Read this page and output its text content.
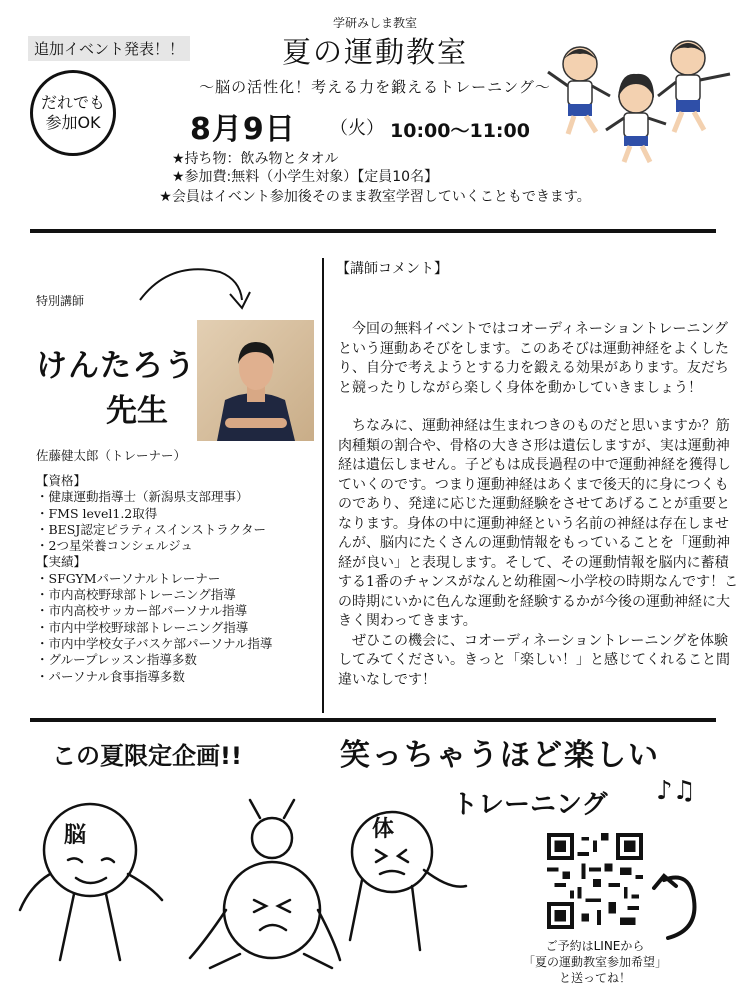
学研みしま教室
追加イベント発表！！	夏の運動教室
〜脳の活性化！考える力を鍛えるトレーニング〜
だれでも
参加OK	8月9日 （火） 10:00〜11:00
★持ち物：飲み物とタオル
★参加費:無料（小学生対象）【定員10名】
★会員はイベント参加後そのまま教室学習していくこともできます。
特別講師
けんたろう
先生
佐藤健太郎（トレーナー）
【資格】
・健康運動指導士（新潟県支部理事）
・FMS level1.2取得
・BESJ認定ピラティスインストラクター
・2つ星栄養コンシェルジュ
【実績】
・SFGYMパーソナルトレーナー
・市内高校野球部トレーニング指導
・市内高校サッカー部パーソナル指導
・市内中学校野球部トレーニング指導
・市内中学校女子バスケ部パーソナル指導
・グループレッスン指導多数
・パーソナル食事指導多数
【講師コメント】

今回の無料イベントではコオーディネーショントレーニングという運動あそびをします。このあそびは運動神経をよくしたり、自分で考えようとする力を鍛える効果があります。友だちと競ったりしながら楽しく身体を動かしていきましょう！

ちなみに、運動神経は生まれつきのものだと思いますか？筋肉種類の割合や、骨格の大きさ形は遺伝しますが、実は運動神経は遺伝しません。子どもは成長過程の中で運動神経を獲得していくのです。つまり運動神経はあくまで後天的に身につくものであり、発達に応じた運動経験をさせてあげることが重要となります。身体の中に運動神経という名前の神経は存在しませんが、脳内にたくさんの運動情報をもっていることを「運動神経が良い」と表現します。そして、その運動情報を脳内に蓄積する1番のチャンスがなんと幼稚園〜小学校の時期なんです！この時期にいかに色んな運動を経験するかが今後の運動神経に大きく関わってきます。

ぜひこの機会に、コオーディネーショントレーニングを体験してみてください。きっと「楽しい！」と感じてくれること間違いなしです！

この夏限定企画!!	笑っちゃうほど楽しい
トレーニング ♪♫
脳	体
ご予約はLINEから
「夏の運動教室参加希望」
と送ってね！
